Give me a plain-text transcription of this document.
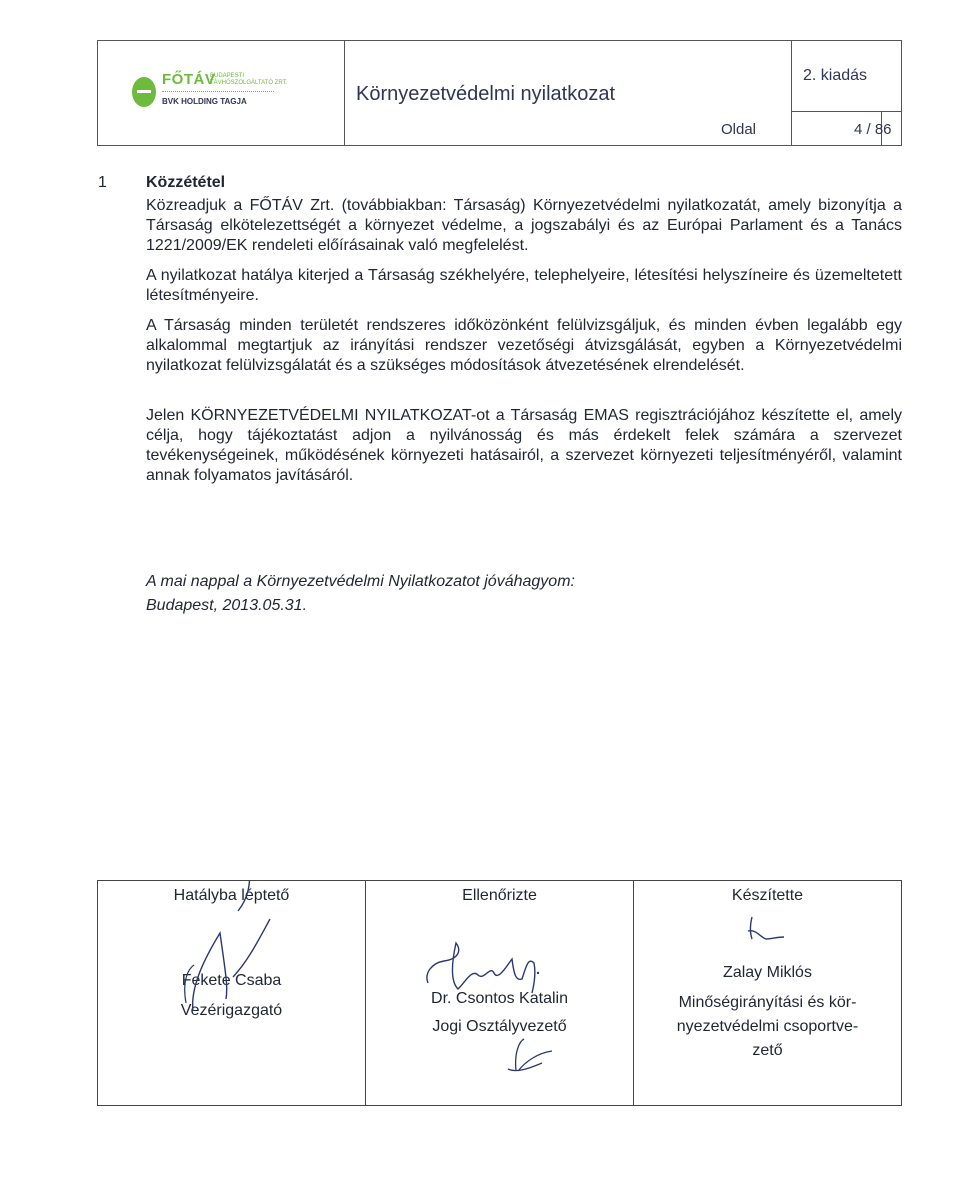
FŐTÁV
BUDAPESTI TÁVHŐSZOLGÁLTATÓ ZRT.
BVK HOLDING TAGJA	Környezetvédelmi nyilatkozat
2. kiadás
Oldal	4 / 86
1 Közzététel
Közreadjuk a FŐTÁV Zrt. (továbbiakban: Társaság) Környezetvédelmi nyilatkozatát, amely bizonyítja a Társaság elkötelezettségét a környezet védelme, a jogszabályi és az Európai Parlament és a Tanács 1221/2009/EK rendeleti előírásainak való megfelelést.
A nyilatkozat hatálya kiterjed a Társaság székhelyére, telephelyeire, létesítési helyszíneire és üzemeltetett létesítményeire.
A Társaság minden területét rendszeres időközönként felülvizsgáljuk, és minden évben legalább egy alkalommal megtartjuk az irányítási rendszer vezetőségi átvizsgálását, egyben a Környezetvédelmi nyilatkozat felülvizsgálatát és a szükséges módosítások átvezetésének elrendelését.
Jelen KÖRNYEZETVÉDELMI NYILATKOZAT-ot a Társaság EMAS regisztrációjához készítette el, amely célja, hogy tájékoztatást adjon a nyilvánosság és más érdekelt felek számára a szervezet tevékenységeinek, működésének környezeti hatásairól, a szervezet környezeti teljesítményéről, valamint annak folyamatos javításáról.
A mai nappal a Környezetvédelmi Nyilatkozatot jóváhagyom:
Budapest, 2013.05.31.
Hatályba léptető
Fekete Csaba
Vezérigazgató

Ellenőrizte
Dr. Csontos Katalin
Jogi Osztályvezető

Készítette
Zalay Miklós
Minőségirányítási és kör-
nyezetvédelmi csoportve-
zető
